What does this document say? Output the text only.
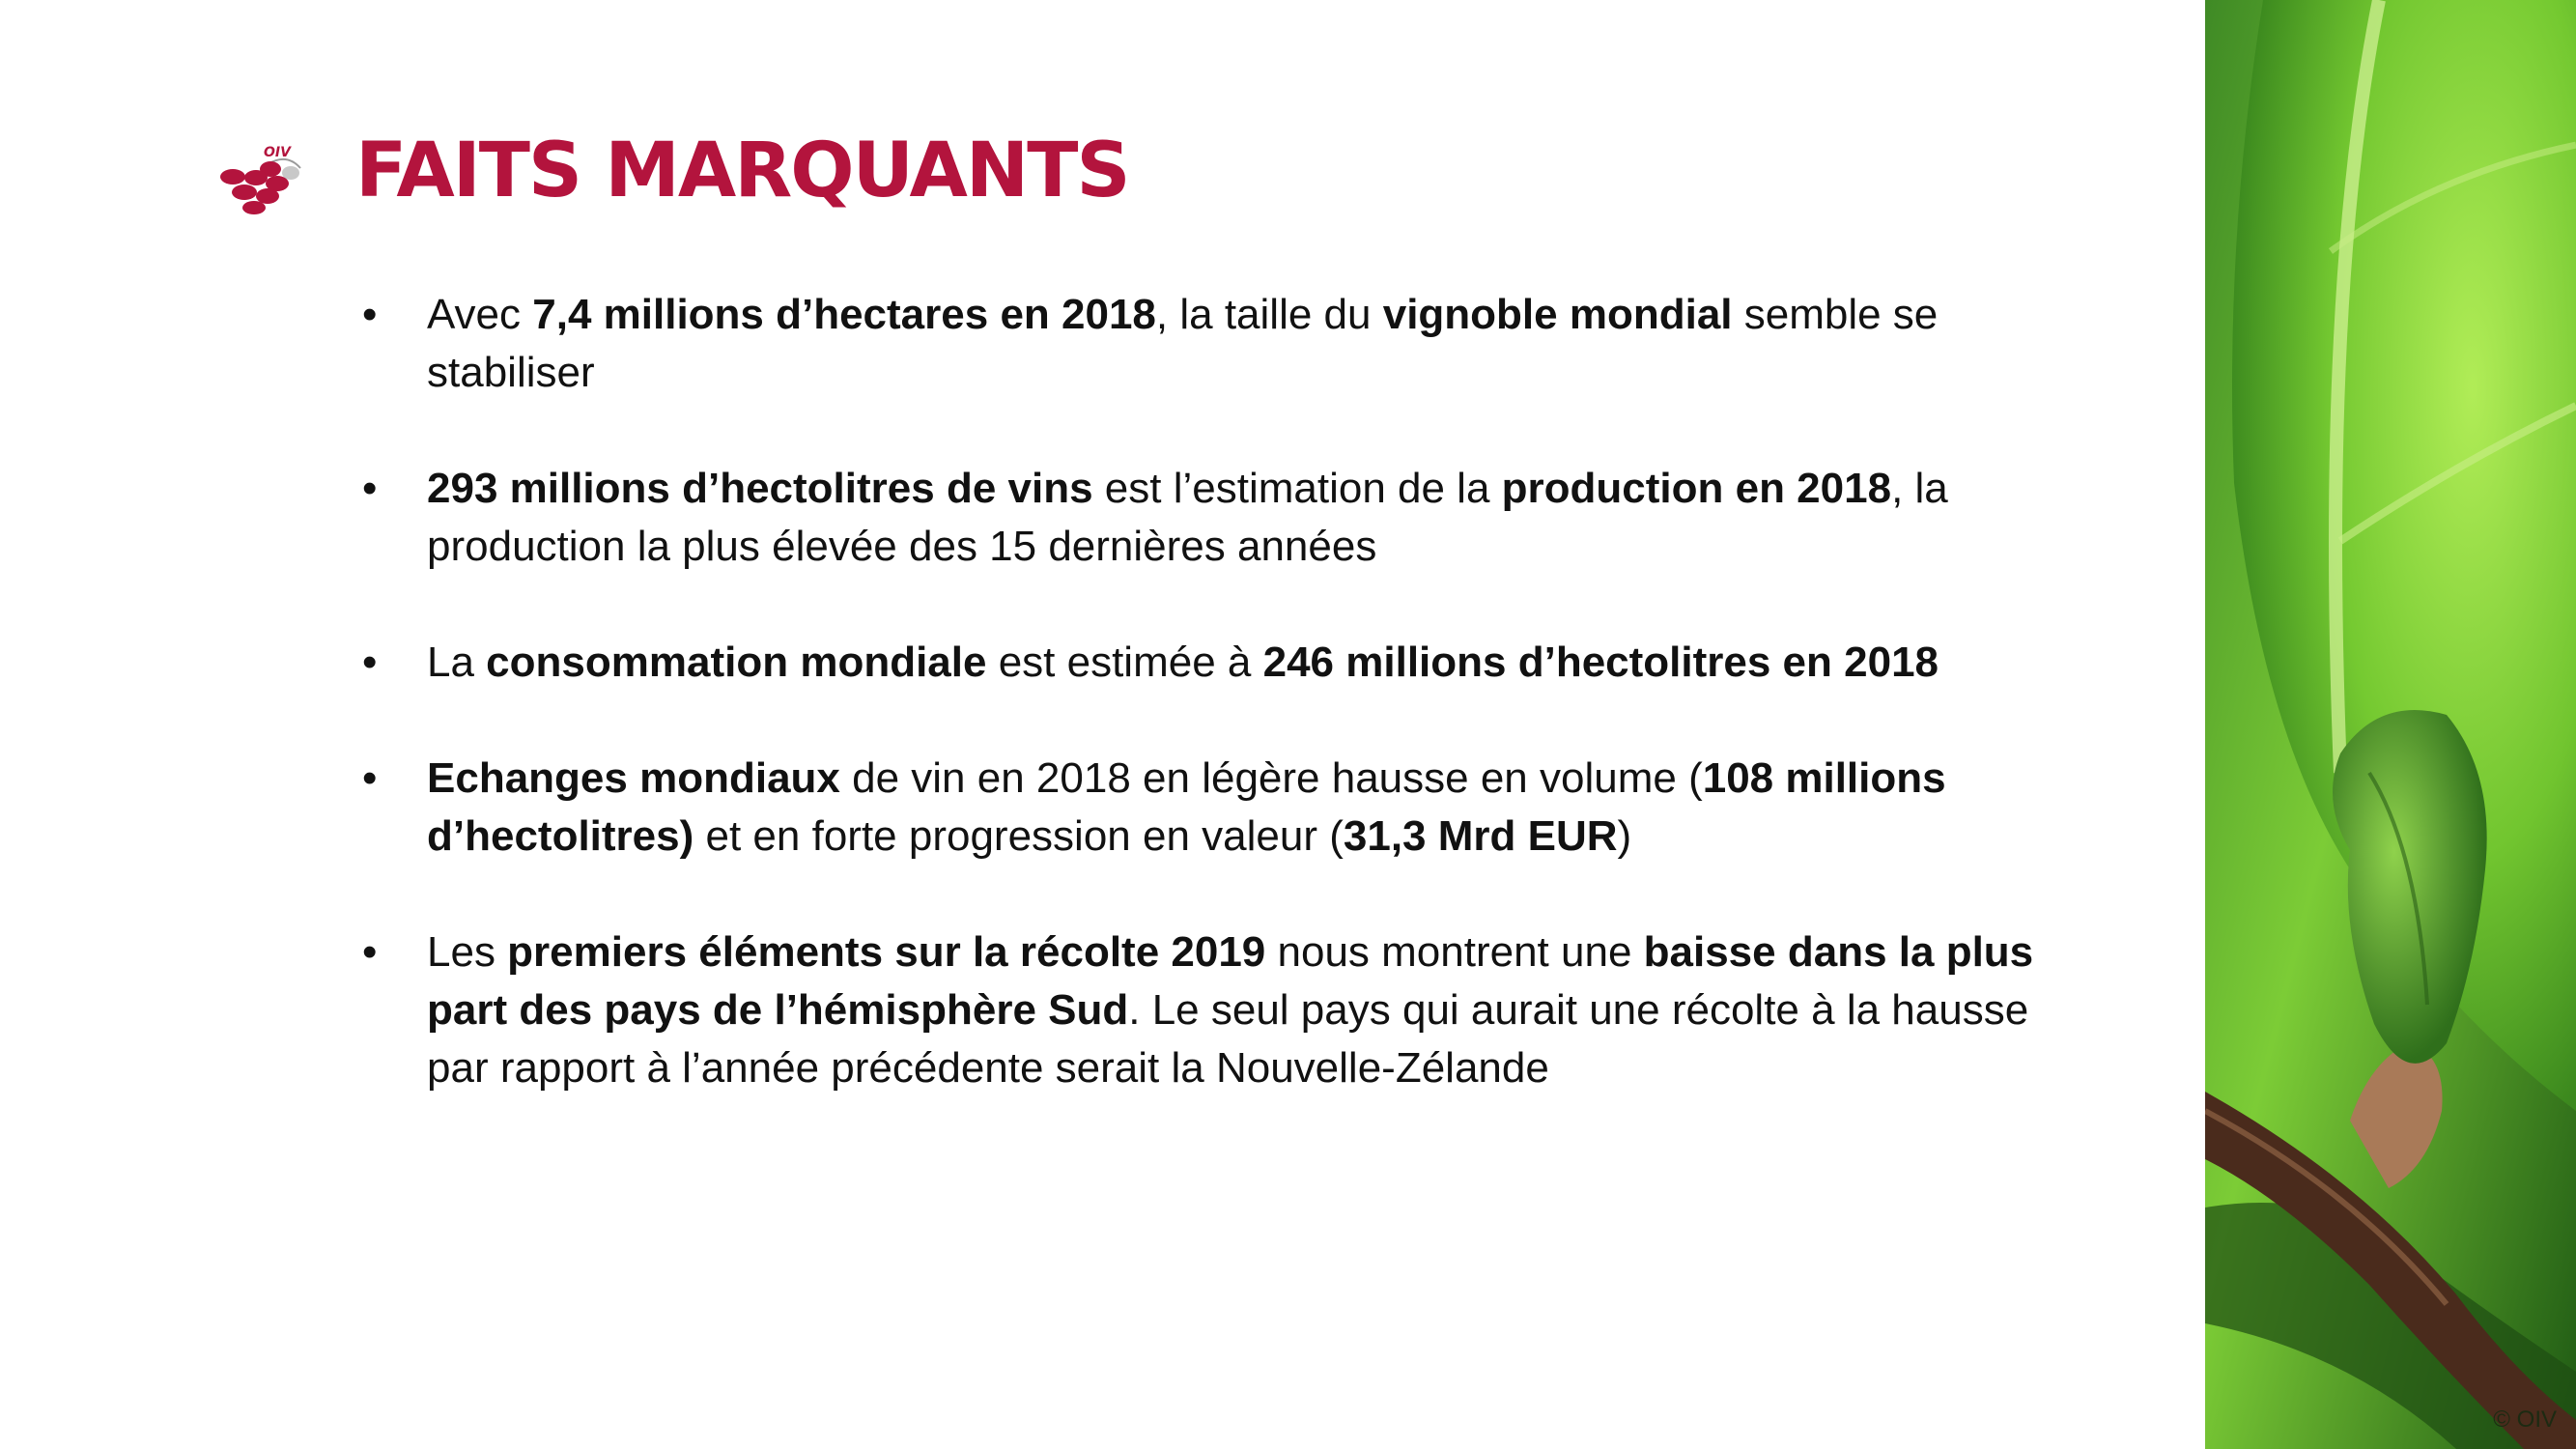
OIV FAITS MARQUANTS
• Avec 7,4 millions d’hectares en 2018, la taille du vignoble mondial semble se stabiliser
• 293 millions d’hectolitres de vins est l’estimation de la production en 2018, la production la plus élevée des 15 dernières années
• La consommation mondiale est estimée à 246 millions d’hectolitres en 2018
• Echanges mondiaux de vin en 2018 en légère hausse en volume (108 millions d’hectolitres) et en forte progression en valeur (31,3 Mrd EUR)
• Les premiers éléments sur la récolte 2019 nous montrent une baisse dans la plus part des pays de l’hémisphère Sud. Le seul pays qui aurait une récolte à la hausse par rapport à l’année précédente serait la Nouvelle-Zélande
© OIV
